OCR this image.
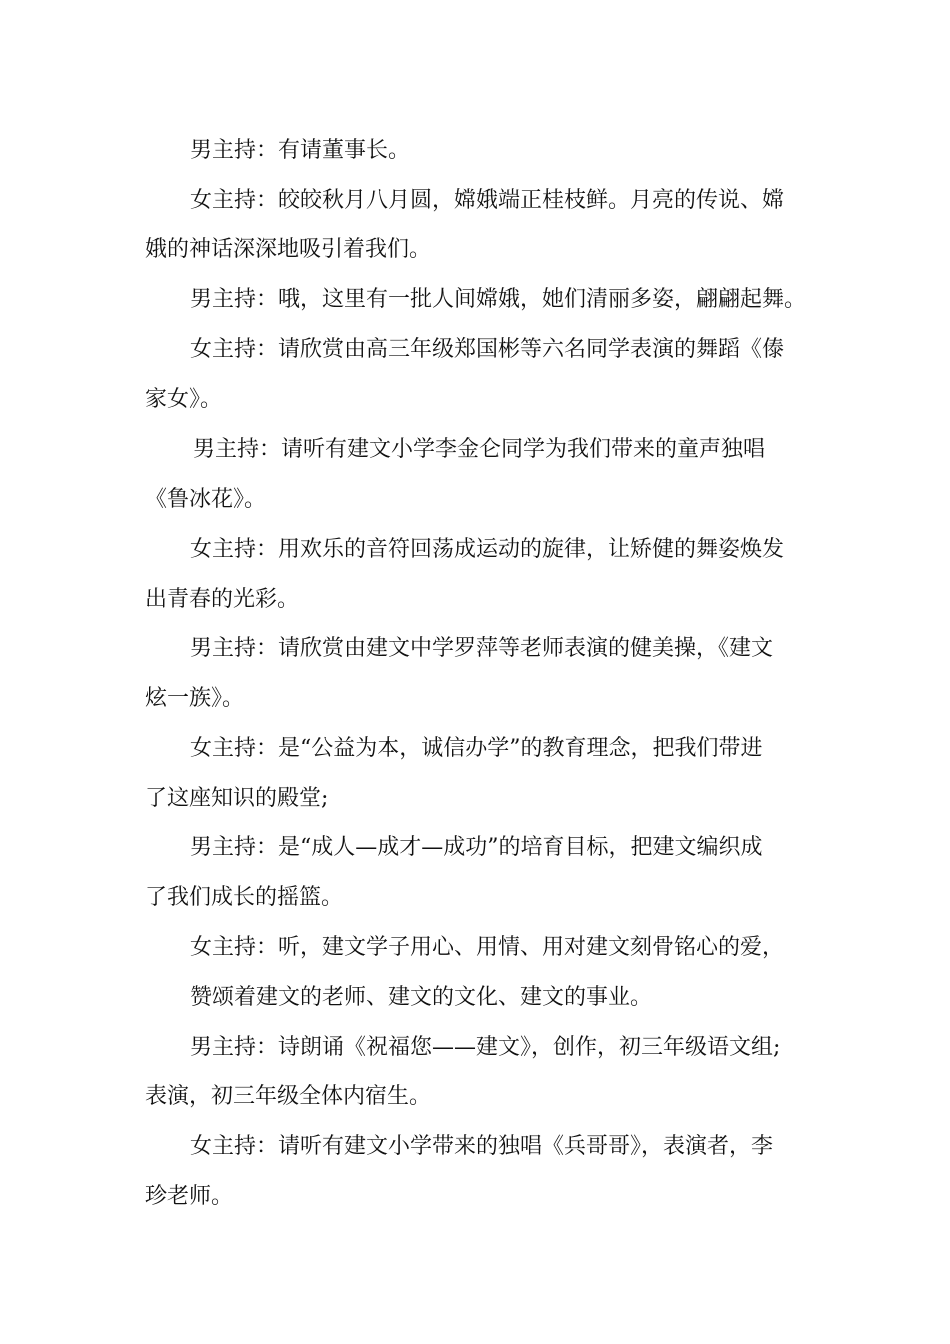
男主持：有请董事长。
女主持：皎皎秋月八月圆，嫦娥端正桂枝鲜。月亮的传说、嫦
娥的神话深深地吸引着我们。
男主持：哦，这里有一批人间嫦娥，她们清丽多姿，翩翩起舞。
女主持：请欣赏由高三年级郑国彬等六名同学表演的舞蹈《傣
家女》。
男主持：请听有建文小学李金仑同学为我们带来的童声独唱
《鲁冰花》。
女主持：用欢乐的音符回荡成运动的旋律，让矫健的舞姿焕发
出青春的光彩。
男主持：请欣赏由建文中学罗萍等老师表演的健美操，《建文
炫一族》。
女主持：是“公益为本，诚信办学”的教育理念，把我们带进
了这座知识的殿堂;
男主持：是“成人—成才—成功”的培育目标，把建文编织成
了我们成长的摇篮。
女主持：听，建文学子用心、用情、用对建文刻骨铭心的爱，
赞颂着建文的老师、建文的文化、建文的事业。
男主持：诗朗诵《祝福您——建文》，创作，初三年级语文组;
表演，初三年级全体内宿生。
女主持：请听有建文小学带来的独唱《兵哥哥》，表演者，李
珍老师。
